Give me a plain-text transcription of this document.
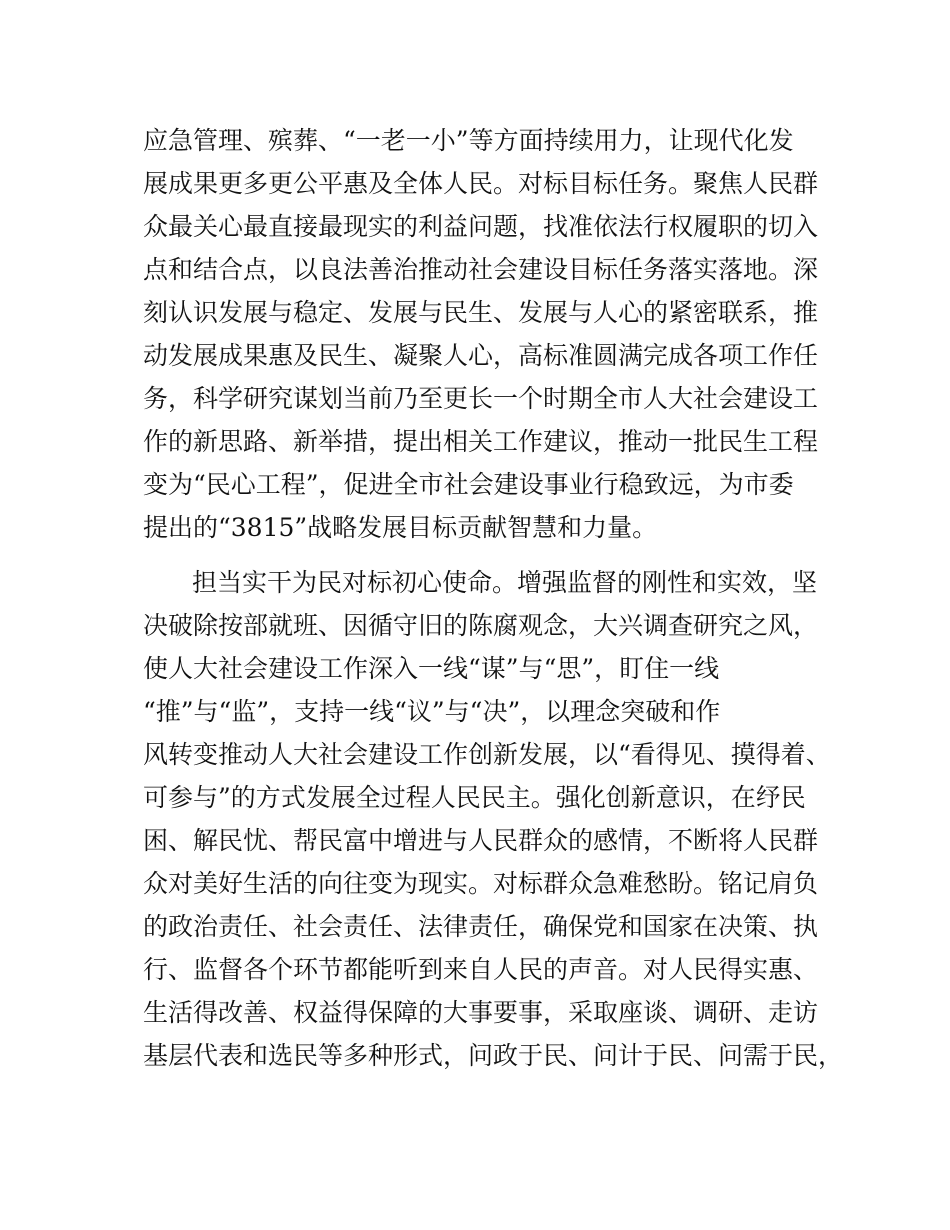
应急管理、殡葬、“一老一小”等方面持续用力，让现代化发
展成果更多更公平惠及全体人民。对标目标任务。聚焦人民群
众最关心最直接最现实的利益问题，找准依法行权履职的切入
点和结合点，以良法善治推动社会建设目标任务落实落地。深
刻认识发展与稳定、发展与民生、发展与人心的紧密联系，推
动发展成果惠及民生、凝聚人心，高标准圆满完成各项工作任
务，科学研究谋划当前乃至更长一个时期全市人大社会建设工
作的新思路、新举措，提出相关工作建议，推动一批民生工程
变为“民心工程”，促进全市社会建设事业行稳致远，为市委
提出的“3815”战略发展目标贡献智慧和力量。
担当实干为民对标初心使命。增强监督的刚性和实效，坚
决破除按部就班、因循守旧的陈腐观念，大兴调查研究之风，
使人大社会建设工作深入一线“谋”与“思”，盯住一线
“推”与“监”，支持一线“议”与“决”，以理念突破和作
风转变推动人大社会建设工作创新发展，以“看得见、摸得着、
可参与”的方式发展全过程人民民主。强化创新意识，在纾民
困、解民忧、帮民富中增进与人民群众的感情，不断将人民群
众对美好生活的向往变为现实。对标群众急难愁盼。铭记肩负
的政治责任、社会责任、法律责任，确保党和国家在决策、执
行、监督各个环节都能听到来自人民的声音。对人民得实惠、
生活得改善、权益得保障的大事要事，采取座谈、调研、走访
基层代表和选民等多种形式，问政于民、问计于民、问需于民，
